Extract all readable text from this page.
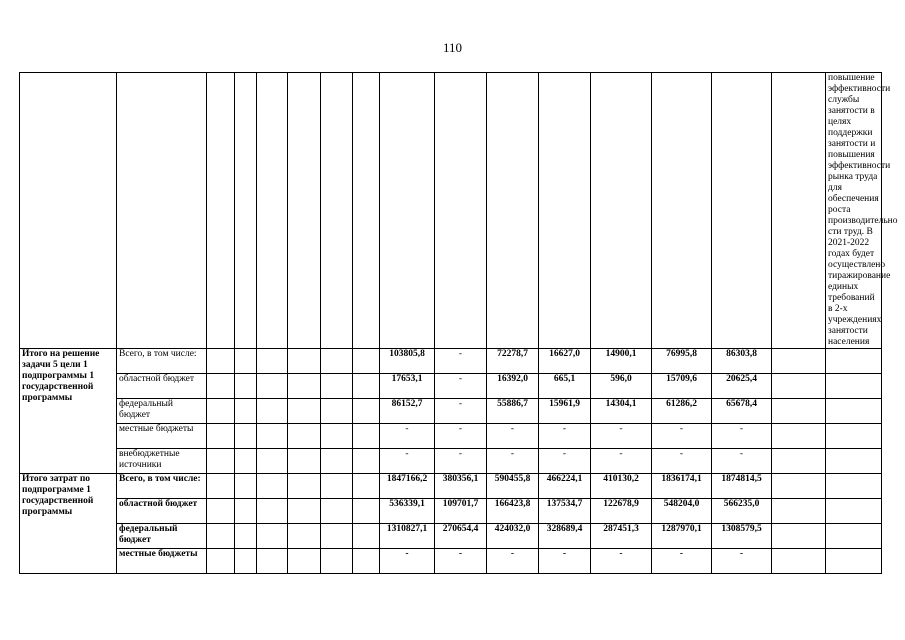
110
																повышение эффективности службы занятости в целях поддержки занятости и повышения эффективности рынка труда для обеспечения роста производительно сти труд. В 2021-2022 годах будет осуществлено тиражирование единых требований в 2-х учреждениях занятости населения
Итого на решение задачи 5 цели 1 подпрограммы 1 государственной программы	Всего, в том числе:							103805,8	-	72278,7	16627,0	14900,1	76995,8	86303,8		
	областной бюджет							17653,1	-	16392,0	665,1	596,0	15709,6	20625,4		
	федеральный бюджет							86152,7	-	55886,7	15961,9	14304,1	61286,2	65678,4		
	местные бюджеты							-	-	-	-	-	-	-		
	внебюджетные источники							-	-	-	-	-	-	-		
Итого затрат по подпрограмме 1 государственной программы	Всего, в том числе:							1847166,2	380356,1	590455,8	466224,1	410130,2	1836174,1	1874814,5		
	областной бюджет							536339,1	109701,7	166423,8	137534,7	122678,9	548204,0	566235,0		
	федеральный бюджет							1310827,1	270654,4	424032,0	328689,4	287451,3	1287970,1	1308579,5		
	местные бюджеты							-	-	-	-	-	-	-		
